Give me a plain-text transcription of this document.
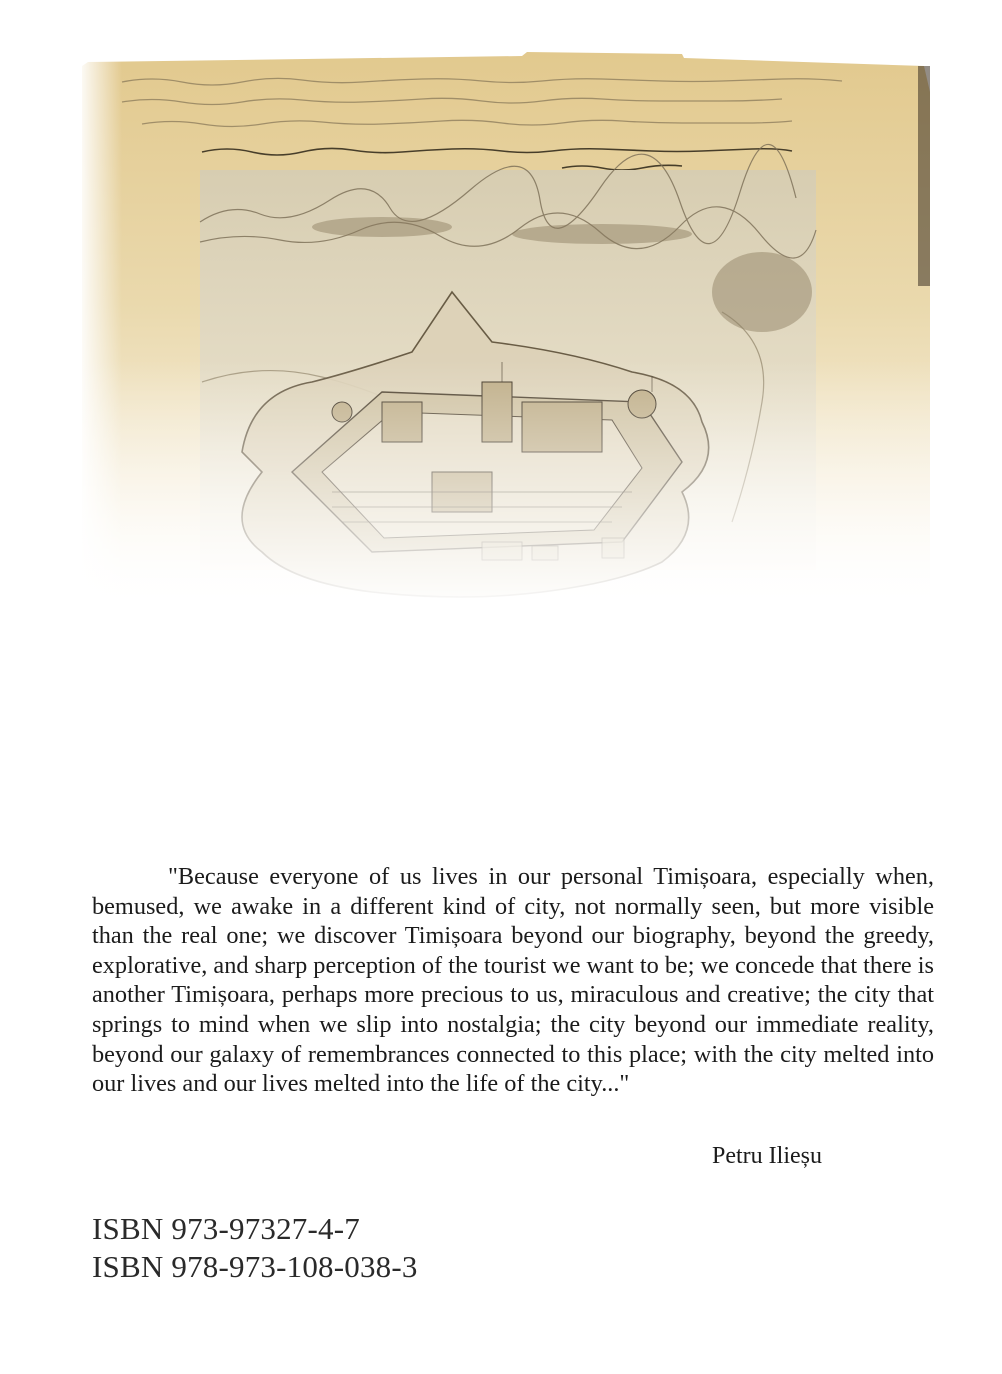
"Because everyone of us lives in our personal Timișoara, especially when, bemused, we awake in a different kind of city, not normally seen, but more visible than the real one; we discover Timișoara beyond our biography, beyond the greedy, explorative, and sharp perception of the tourist we want to be; we concede that there is another Timișoara, perhaps more precious to us, miraculous and creative; the city that springs to mind when we slip into nostalgia; the city beyond our immediate reality, beyond our galaxy of remembrances connected to this place; with the city melted into our lives and our lives melted into the life of the city..."

Petru Ilieșu
ISBN 973-97327-4-7
ISBN 978-973-108-038-3
